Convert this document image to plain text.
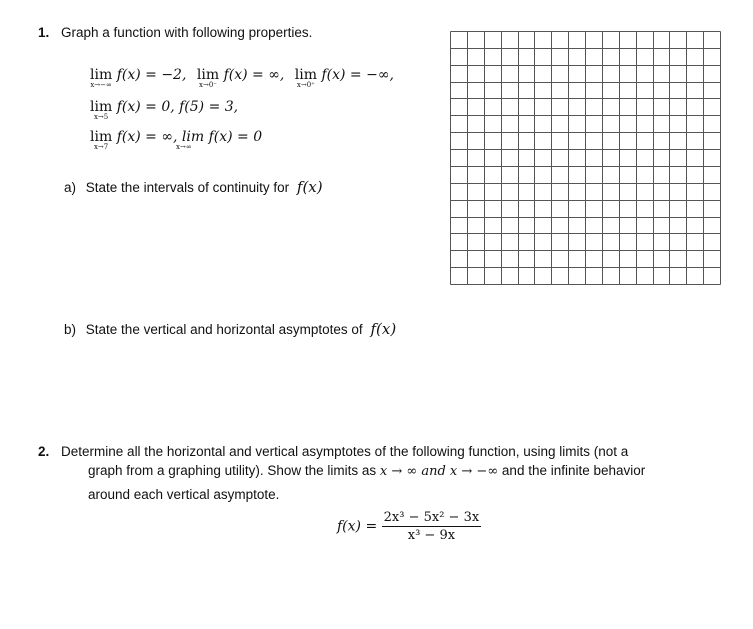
1. Graph a function with following properties.
lim
x→−∞
f(x) = −2, lim
x→0⁻
f(x) = ∞, lim
x→0⁺
f(x) = −∞,
lim
x→5
f(x) = 0, f(5) = 3,
lim
x→7
f(x) = ∞, lim f(x) = 0
x→∞
a) State the intervals of continuity for f(x)
b) State the vertical and horizontal asymptotes of f(x)
2. Determine all the horizontal and vertical asymptotes of the following function, using limits (not a
graph from a graphing utility). Show the limits as x → ∞ and x → −∞ and the infinite behavior
around each vertical asymptote.
$f(x) = \frac{\text{2x³ − 5x² − 3x}}{\text{x³ − 9x}}$
